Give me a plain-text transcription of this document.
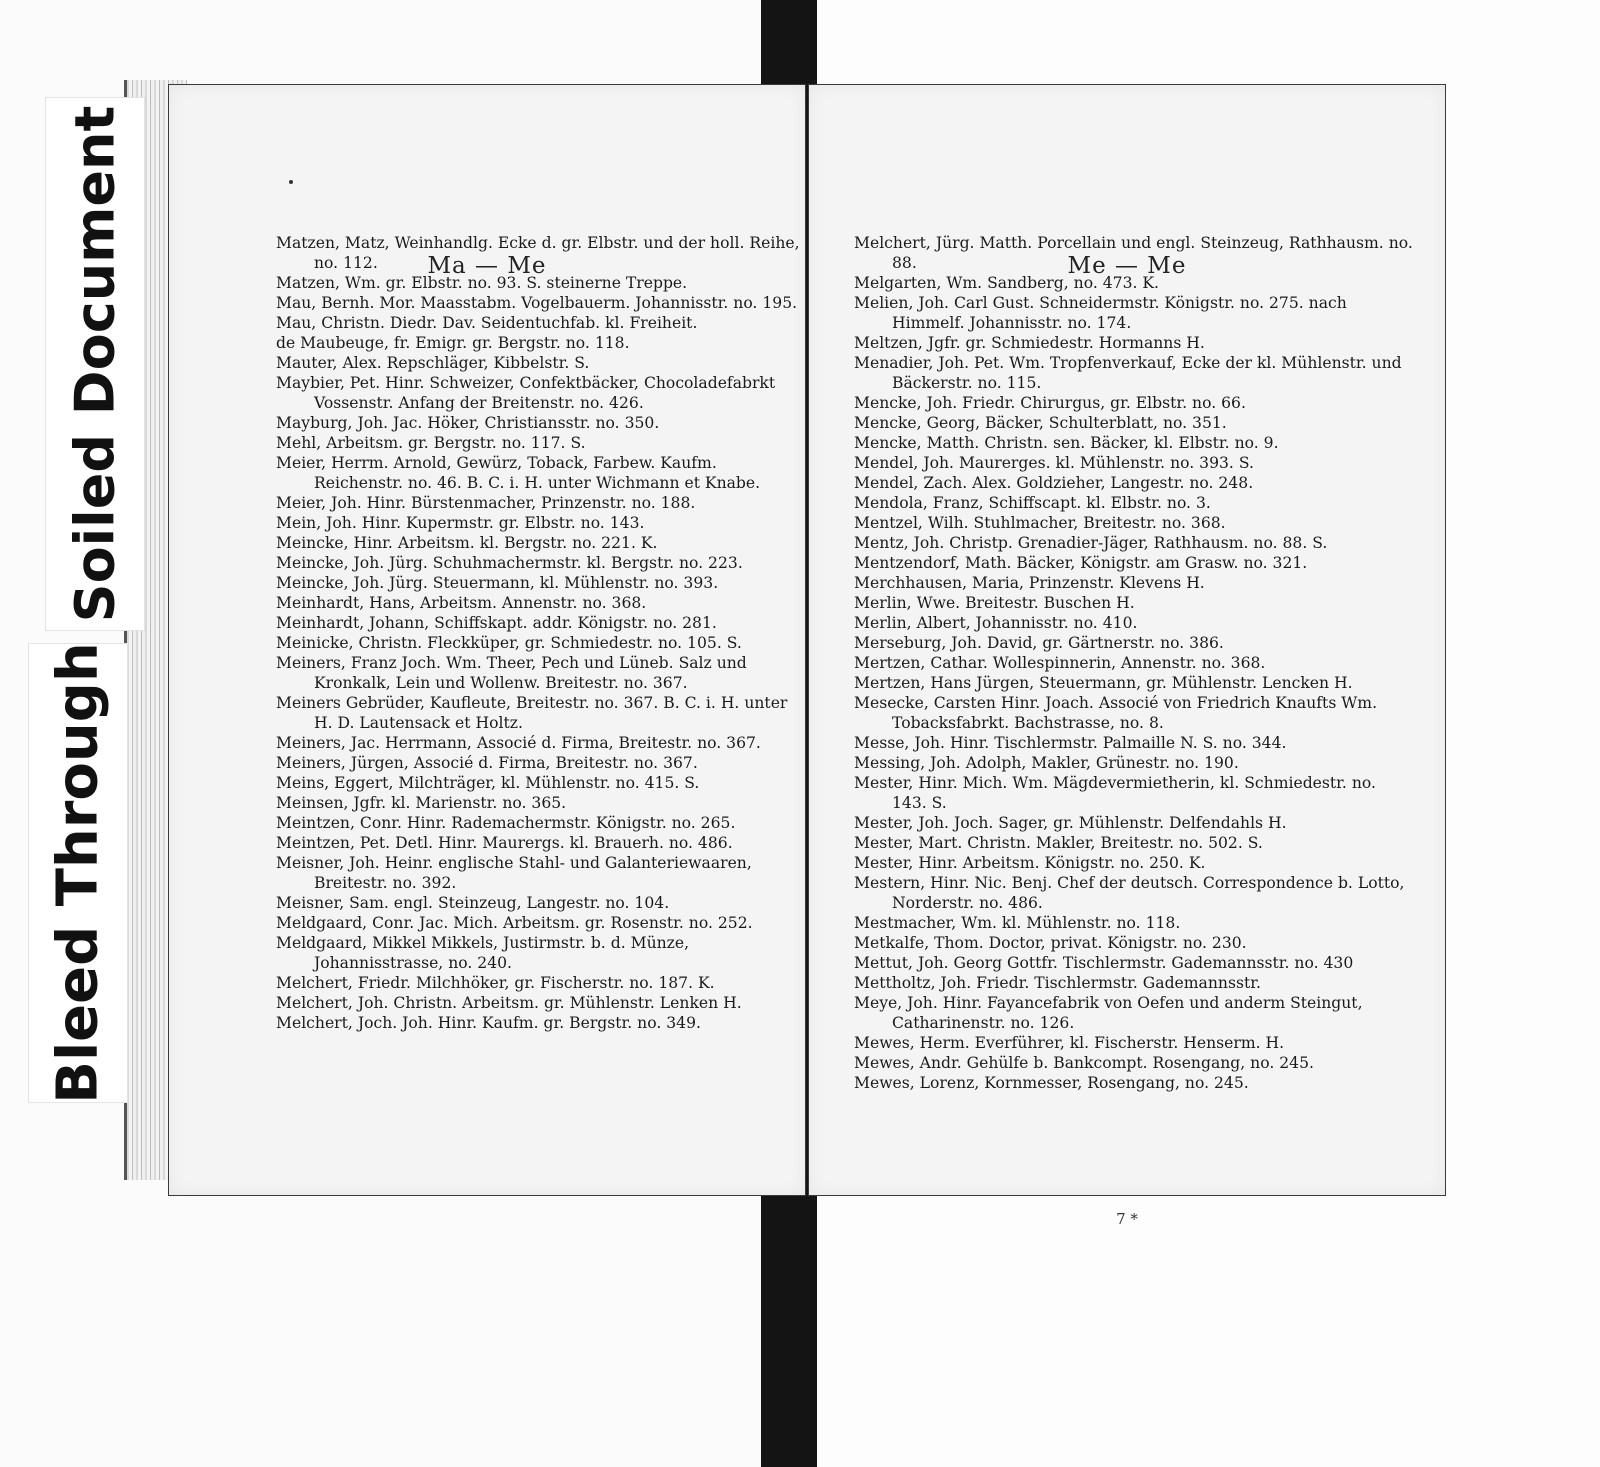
Ma — Me

Matzen, Matz, Weinhandlg. Ecke d. gr. Elbstr. und der holl. Reihe, no. 112.

Matzen, Wm. gr. Elbstr. no. 93. S. steinerne Treppe.

Mau, Bernh. Mor. Maasstabm. Vogelbauerm. Johannisstr. no. 195.

Mau, Christn. Diedr. Dav. Seidentuchfab. kl. Freiheit.

de Maubeuge, fr. Emigr. gr. Bergstr. no. 118.

Mauter, Alex. Repschläger, Kibbelstr. S.

Maybier, Pet. Hinr. Schweizer, Confektbäcker, Chocoladefabrkt Vossenstr. Anfang der Breitenstr. no. 426.

Mayburg, Joh. Jac. Höker, Christiansstr. no. 350.

Mehl, Arbeitsm. gr. Bergstr. no. 117. S.

Meier, Herrm. Arnold, Gewürz, Toback, Farbew. Kaufm. Reichenstr. no. 46. B. C. i. H. unter Wichmann et Knabe.

Meier, Joh. Hinr. Bürstenmacher, Prinzenstr. no. 188.

Mein, Joh. Hinr. Kupermstr. gr. Elbstr. no. 143.

Meincke, Hinr. Arbeitsm. kl. Bergstr. no. 221. K.

Meincke, Joh. Jürg. Schuhmachermstr. kl. Bergstr. no. 223.

Meincke, Joh. Jürg. Steuermann, kl. Mühlenstr. no. 393.

Meinhardt, Hans, Arbeitsm. Annenstr. no. 368.

Meinhardt, Johann, Schiffskapt. addr. Königstr. no. 281.

Meinicke, Christn. Fleckküper, gr. Schmiedestr. no. 105. S.

Meiners, Franz Joch. Wm. Theer, Pech und Lüneb. Salz und Kronkalk, Lein und Wollenw. Breitestr. no. 367.

Meiners Gebrüder, Kaufleute, Breitestr. no. 367. B. C. i. H. unter H. D. Lautensack et Holtz.

Meiners, Jac. Herrmann, Associé d. Firma, Breitestr. no. 367.

Meiners, Jürgen, Associé d. Firma, Breitestr. no. 367.

Meins, Eggert, Milchträger, kl. Mühlenstr. no. 415. S.

Meinsen, Jgfr. kl. Marienstr. no. 365.

Meintzen, Conr. Hinr. Rademachermstr. Königstr. no. 265.

Meintzen, Pet. Detl. Hinr. Maurergs. kl. Brauerh. no. 486.

Meisner, Joh. Heinr. englische Stahl- und Galanteriewaaren, Breitestr. no. 392.

Meisner, Sam. engl. Steinzeug, Langestr. no. 104.

Meldgaard, Conr. Jac. Mich. Arbeitsm. gr. Rosenstr. no. 252.

Meldgaard, Mikkel Mikkels, Justirmstr. b. d. Münze, Johannisstrasse, no. 240.

Melchert, Friedr. Milchhöker, gr. Fischerstr. no. 187. K.

Melchert, Joh. Christn. Arbeitsm. gr. Mühlenstr. Lenken H.

Melchert, Joch. Joh. Hinr. Kaufm. gr. Bergstr. no. 349.

Me — Me

Melchert, Jürg. Matth. Porcellain und engl. Steinzeug, Rathhausm. no. 88.

Melgarten, Wm. Sandberg, no. 473. K.

Melien, Joh. Carl Gust. Schneidermstr. Königstr. no. 275. nach Himmelf. Johannisstr. no. 174.

Meltzen, Jgfr. gr. Schmiedestr. Hormanns H.

Menadier, Joh. Pet. Wm. Tropfenverkauf, Ecke der kl. Mühlenstr. und Bäckerstr. no. 115.

Mencke, Joh. Friedr. Chirurgus, gr. Elbstr. no. 66.

Mencke, Georg, Bäcker, Schulterblatt, no. 351.

Mencke, Matth. Christn. sen. Bäcker, kl. Elbstr. no. 9.

Mendel, Joh. Maurerges. kl. Mühlenstr. no. 393. S.

Mendel, Zach. Alex. Goldzieher, Langestr. no. 248.

Mendola, Franz, Schiffscapt. kl. Elbstr. no. 3.

Mentzel, Wilh. Stuhlmacher, Breitestr. no. 368.

Mentz, Joh. Christp. Grenadier-Jäger, Rathhausm. no. 88. S.

Mentzendorf, Math. Bäcker, Königstr. am Grasw. no. 321.

Merchhausen, Maria, Prinzenstr. Klevens H.

Merlin, Wwe. Breitestr. Buschen H.

Merlin, Albert, Johannisstr. no. 410.

Merseburg, Joh. David, gr. Gärtnerstr. no. 386.

Mertzen, Cathar. Wollespinnerin, Annenstr. no. 368.

Mertzen, Hans Jürgen, Steuermann, gr. Mühlenstr. Lencken H.

Mesecke, Carsten Hinr. Joach. Associé von Friedrich Knaufts Wm. Tobacksfabrkt. Bachstrasse, no. 8.

Messe, Joh. Hinr. Tischlermstr. Palmaille N. S. no. 344.

Messing, Joh. Adolph, Makler, Grünestr. no. 190.

Mester, Hinr. Mich. Wm. Mägdevermietherin, kl. Schmiedestr. no. 143. S.

Mester, Joh. Joch. Sager, gr. Mühlenstr. Delfendahls H.

Mester, Mart. Christn. Makler, Breitestr. no. 502. S.

Mester, Hinr. Arbeitsm. Königstr. no. 250. K.

Mestern, Hinr. Nic. Benj. Chef der deutsch. Correspondence b. Lotto, Norderstr. no. 486.

Mestmacher, Wm. kl. Mühlenstr. no. 118.

Metkalfe, Thom. Doctor, privat. Königstr. no. 230.

Mettut, Joh. Georg Gottfr. Tischlermstr. Gademannsstr. no. 430

Mettholtz, Joh. Friedr. Tischlermstr. Gademannsstr.

Meye, Joh. Hinr. Fayancefabrik von Oefen und anderm Steingut, Catharinenstr. no. 126.

Mewes, Herm. Everführer, kl. Fischerstr. Henserm. H.

Mewes, Andr. Gehülfe b. Bankcompt. Rosengang, no. 245.

Mewes, Lorenz, Kornmesser, Rosengang, no. 245.

7 *
Soiled Document
Bleed Through
